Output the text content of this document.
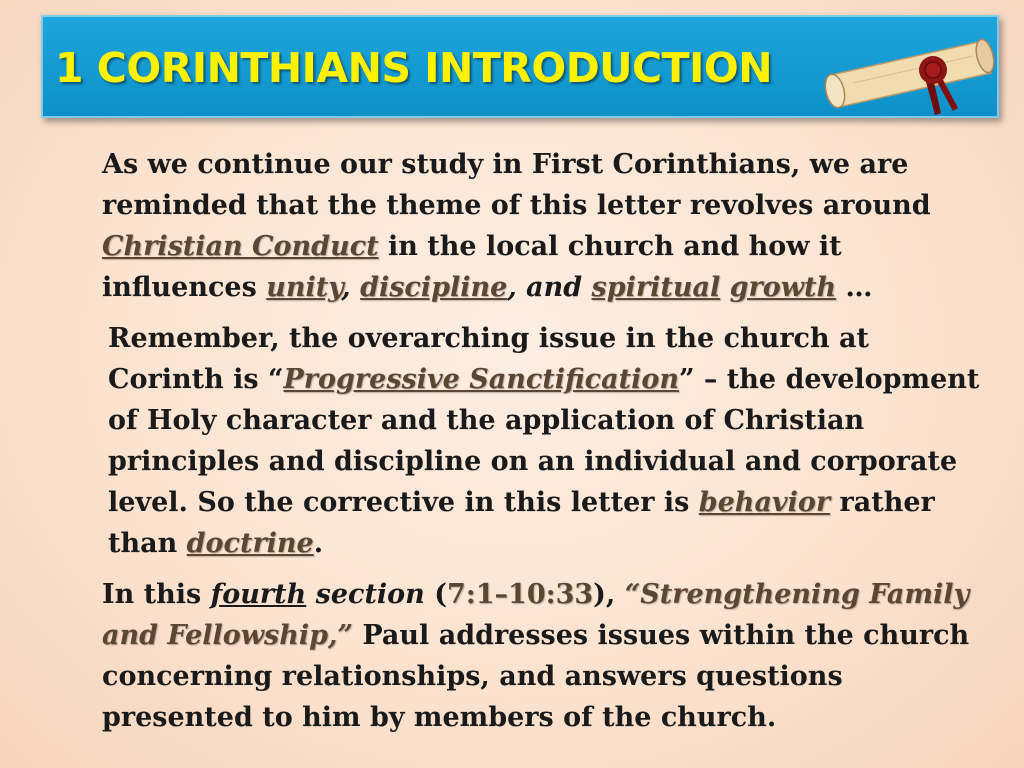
1 CORINTHIANS INTRODUCTION

As we continue our study in First Corinthians, we are reminded that the theme of this letter revolves around Christian Conduct in the local church and how it influences unity, discipline, and spiritual growth …

Remember, the overarching issue in the church at Corinth is “Progressive Sanctification” – the development of Holy character and the application of Christian principles and discipline on an individual and corporate level. So the corrective in this letter is behavior rather than doctrine.

In this fourth section (7:1–10:33), “Strengthening Family and Fellowship,” Paul addresses issues within the church concerning relationships, and answers questions presented to him by members of the church.
